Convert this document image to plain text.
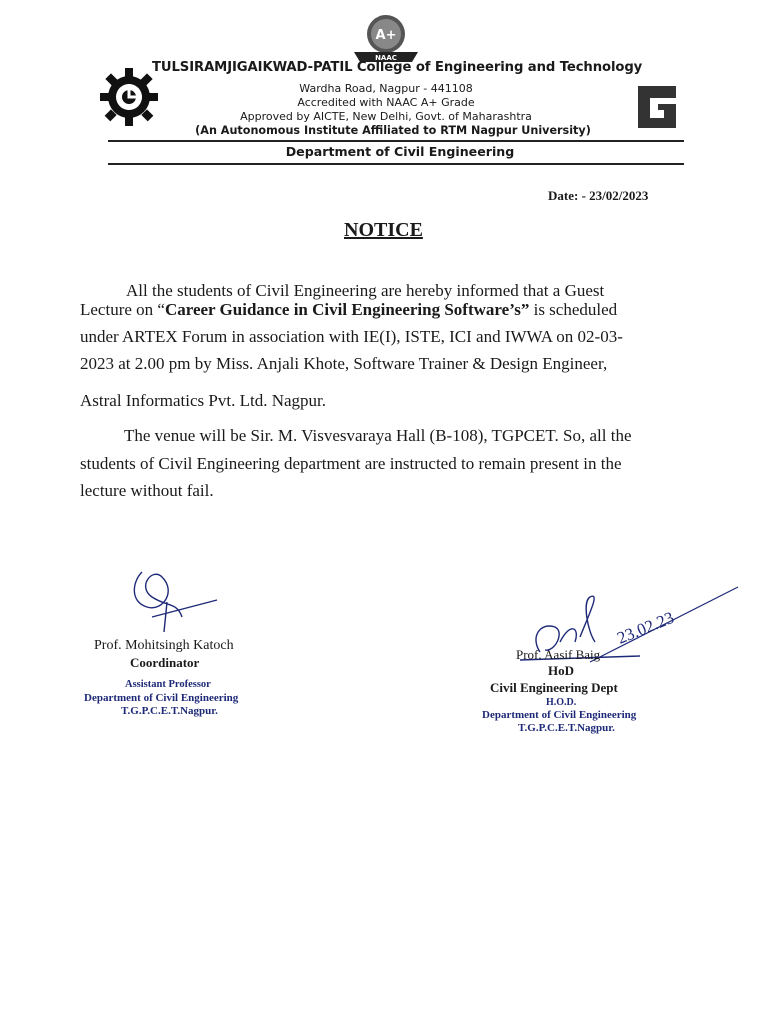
A+
NAAC
TULSIRAMJIGAIKWAD-PATIL College of Engineering and Technology
Wardha Road, Nagpur - 441108
Accredited with NAAC A+ Grade
Approved by AICTE, New Delhi, Govt. of Maharashtra
(An Autonomous Institute Affiliated to RTM Nagpur University)
Department of Civil Engineering
Date: - 23/02/2023
NOTICE
All the students of Civil Engineering are hereby informed that a Guest
Lecture on “Career Guidance in Civil Engineering Software’s” is scheduled
under ARTEX Forum in association with IE(I), ISTE, ICI and IWWA on 02-03-
2023 at 2.00 pm by Miss. Anjali Khote, Software Trainer & Design Engineer,
Astral Informatics Pvt. Ltd. Nagpur.
The venue will be Sir. M. Visvesvaraya Hall (B-108), TGPCET. So, all the
students of Civil Engineering department are instructed to remain present in the
lecture without fail.
Prof. Mohitsingh Katoch
Coordinator
Assistant Professor
Department of Civil Engineering
T.G.P.C.E.T.Nagpur.
23.02.23
Prof. Aasif Baig
HoD
Civil Engineering Dept
H.O.D.
Department of Civil Engineering
T.G.P.C.E.T.Nagpur.
